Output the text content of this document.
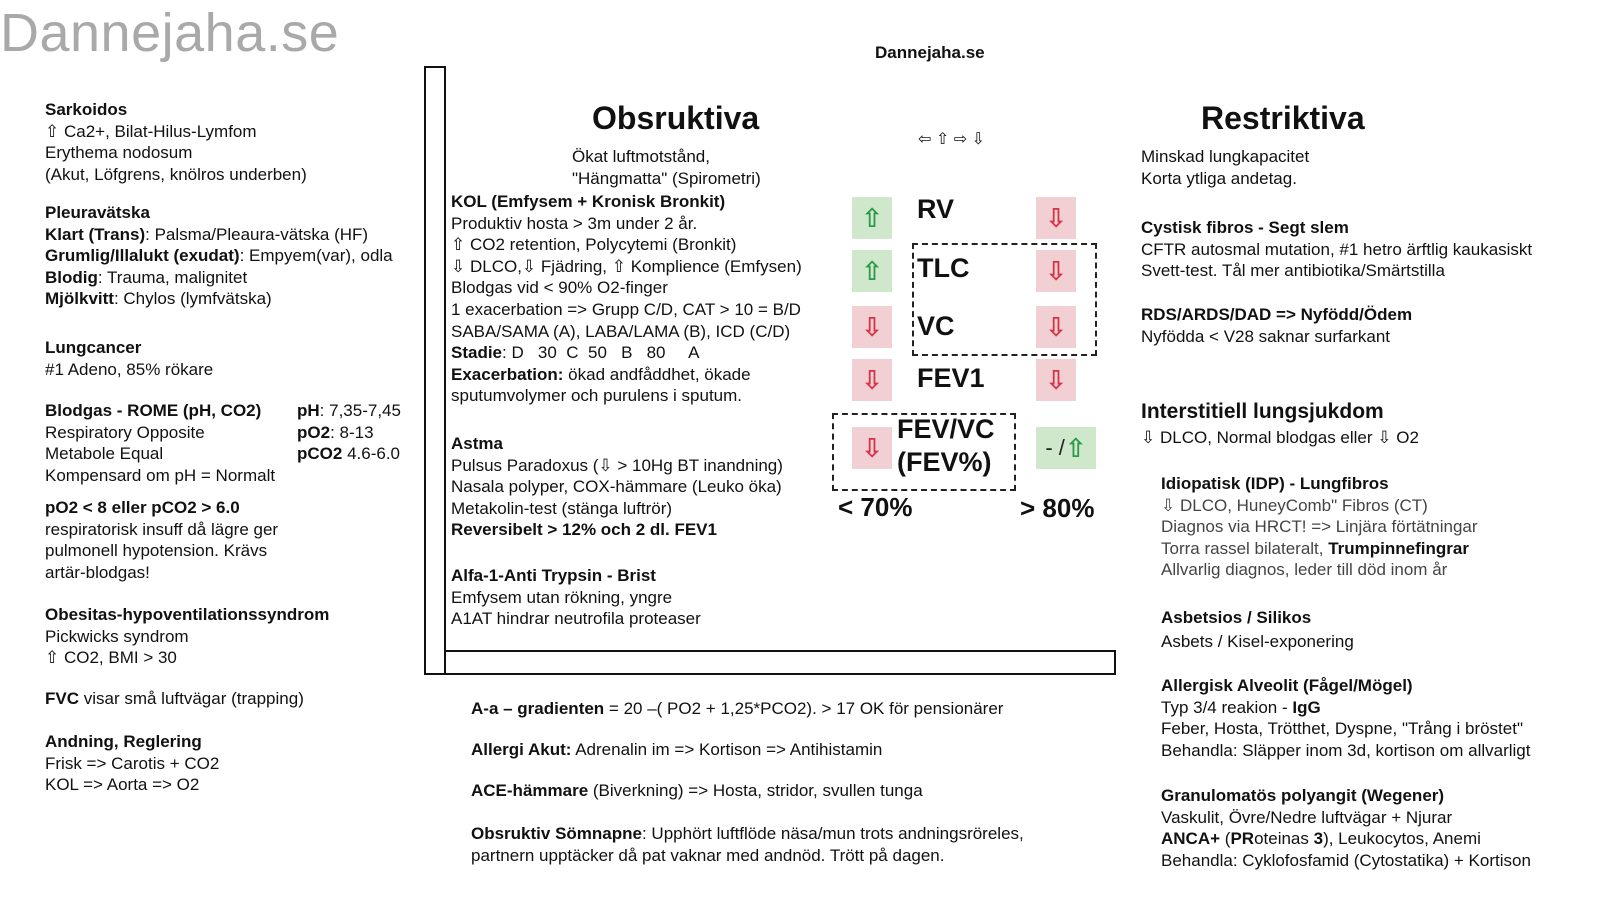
Dannejaha.se	Dannejaha.se
Sarkoidos
⇧ Ca2+, Bilat-Hilus-Lymfom
Erythema nodosum
(Akut, Löfgrens, knölros underben)
Pleuravätska
Klart (Trans): Palsma/Pleaura-vätska (HF)
Grumlig/Illalukt (exudat): Empyem(var), odla
Blodig: Trauma, malignitet
Mjölkvitt: Chylos (lymfvätska)
Lungcancer
#1 Adeno, 85% rökare
Blodgas - ROME (pH, CO2)
Respiratory Opposite
Metabole Equal
Kompensard om pH = Normalt
pH: 7,35-7,45
pO2: 8-13
pCO2 4.6-6.0
pO2 < 8 eller pCO2 > 6.0
respiratorisk insuff då lägre ger
pulmonell hypotension. Krävs
artär-blodgas!
Obesitas-hypoventilationssyndrom
Pickwicks syndrom
⇧ CO2, BMI > 30
FVC visar små luftvägar (trapping)
Andning, Reglering
Frisk => Carotis + CO2
KOL => Aorta => O2
Obsruktiva
Ökat luftmotstånd,
"Hängmatta" (Spirometri)
KOL (Emfysem + Kronisk Bronkit)
Produktiv hosta > 3m under 2 år.
⇧ CO2 retention, Polycytemi (Bronkit)
⇩ DLCO,⇩ Fjädring, ⇧ Komplience (Emfysen)
Blodgas vid < 90% O2-finger
1 exacerbation => Grupp C/D, CAT > 10 = B/D
SABA/SAMA (A), LABA/LAMA (B), ICD (C/D)
Stadie: D   30  C  50   B   80     A
Exacerbation: ökad andfåddhet, ökade
sputumvolymer och purulens i sputum.
Astma
Pulsus Paradoxus (⇩ > 10Hg BT inandning)
Nasala polyper, COX-hämmare (Leuko öka)
Metakolin-test (stänga luftrör)
Reversibelt > 12% och 2 dl. FEV1
Alfa-1-Anti Trypsin - Brist
Emfysem utan rökning, yngre
A1AT hindrar neutrofila proteaser
⇦ ⇧ ⇨ ⇩
RV
TLC
VC
FEV1
FEV/VC
(FEV%)
⇧
⇧
⇩
⇩
⇩
⇩
⇩
⇩
⇩
- / ⇧
< 70%	> 80%
A-a – gradienten = 20 –( PO2 + 1,25*PCO2). > 17 OK för pensionärer
Allergi Akut: Adrenalin im => Kortison => Antihistamin
ACE-hämmare (Biverkning) => Hosta, stridor, svullen tunga
Obsruktiv Sömnapne: Upphört luftflöde näsa/mun trots andningsröreles,
partnern upptäcker då pat vaknar med andnöd. Trött på dagen.
Restriktiva
Minskad lungkapacitet
Korta ytliga andetag.
Cystisk fibros - Segt slem
CFTR autosmal mutation, #1 hetro ärftlig kaukasiskt
Svett-test. Tål mer antibiotika/Smärtstilla
RDS/ARDS/DAD => Nyfödd/Ödem
Nyfödda < V28 saknar surfarkant
Interstitiell lungsjukdom
⇩ DLCO, Normal blodgas eller ⇩ O2
Idiopatisk (IDP) - Lungfibros
⇩ DLCO, HuneyComb" Fibros (CT)
Diagnos via HRCT! => Linjära förtätningar
Torra rassel bilateralt, Trumpinnefingrar
Allvarlig diagnos, leder till död inom år
Asbetsios / Silikos
Asbets / Kisel-exponering
Allergisk Alveolit (Fågel/Mögel)
Typ 3/4 reakion - IgG
Feber, Hosta, Trötthet, Dyspne, "Trång i bröstet"
Behandla: Släpper inom 3d, kortison om allvarligt
Granulomatös polyangit (Wegener)
Vaskulit, Övre/Nedre luftvägar + Njurar
ANCA+ (PRoteinas 3), Leukocytos, Anemi
Behandla: Cyklofosfamid (Cytostatika) + Kortison
